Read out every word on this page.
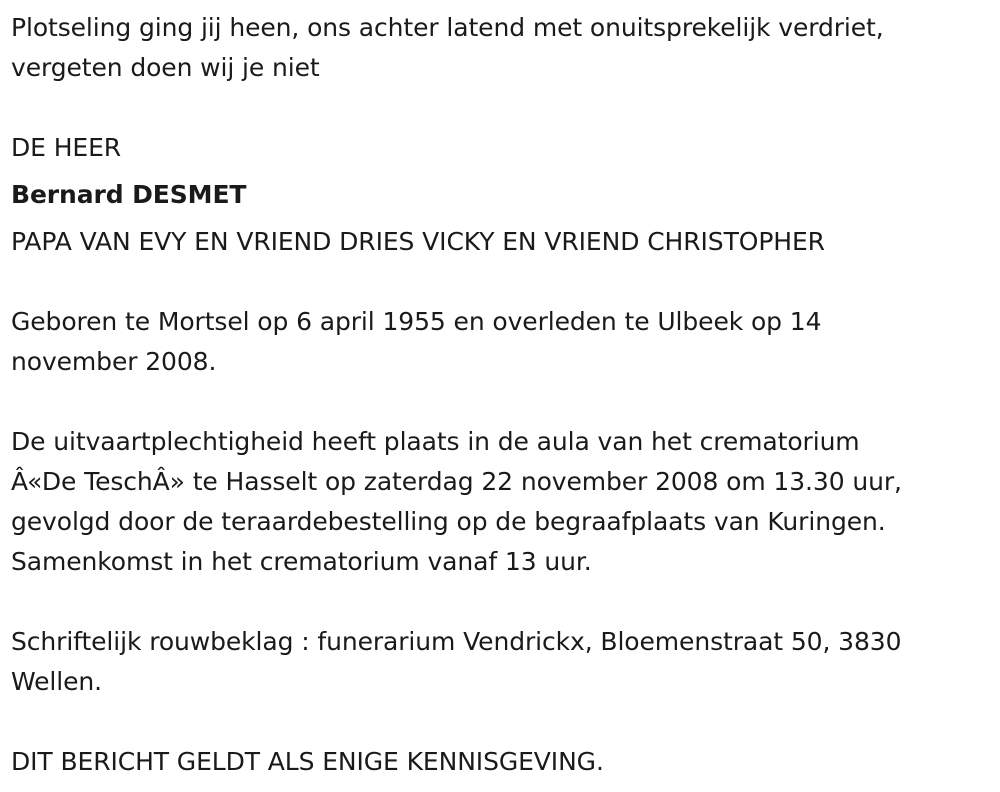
Plotseling ging jij heen, ons achter latend met onuitsprekelijk verdriet,
vergeten doen wij je niet
DE HEER
Bernard DESMET
PAPA VAN EVY EN VRIEND DRIES VICKY EN VRIEND CHRISTOPHER
Geboren te Mortsel op 6 april 1955 en overleden te Ulbeek op 14
november 2008.
De uitvaartplechtigheid heeft plaats in de aula van het crematorium
Â«De TeschÂ» te Hasselt op zaterdag 22 november 2008 om 13.30 uur,
gevolgd door de teraardebestelling op de begraafplaats van Kuringen.
Samenkomst in het crematorium vanaf 13 uur.
Schriftelijk rouwbeklag : funerarium Vendrickx, Bloemenstraat 50, 3830
Wellen.
DIT BERICHT GELDT ALS ENIGE KENNISGEVING.
